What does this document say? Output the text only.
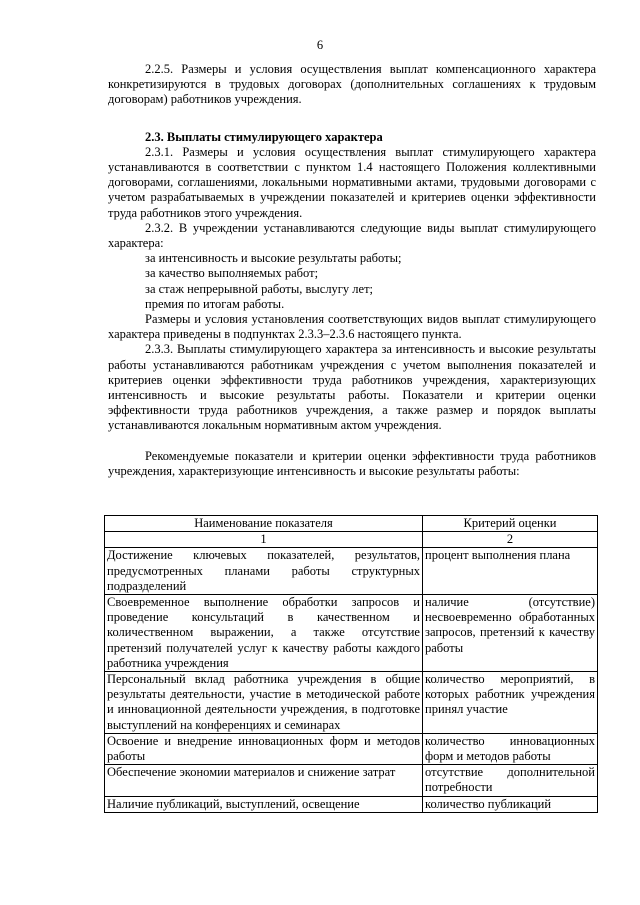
6

2.2.5. Размеры и условия осуществления выплат компенсационного характера конкретизируются в трудовых договорах (дополнительных соглашениях к трудовым договорам) работников учреждения.

2.3. Выплаты стимулирующего характера

2.3.1. Размеры и условия осуществления выплат стимулирующего характера устанавливаются в соответствии с пунктом 1.4 настоящего Положения коллективными договорами, соглашениями, локальными нормативными актами, трудовыми договорами с учетом разрабатываемых в учреждении показателей и критериев оценки эффективности труда работников этого учреждения.

2.3.2. В учреждении устанавливаются следующие виды выплат стимулирующего характера:

за интенсивность и высокие результаты работы;
за качество выполняемых работ;
за стаж непрерывной работы, выслугу лет;
премия по итогам работы.

Размеры и условия установления соответствующих видов выплат стимулирующего характера приведены в подпунктах 2.3.3–2.3.6 настоящего пункта.

2.3.3. Выплаты стимулирующего характера за интенсивность и высокие результаты работы устанавливаются работникам учреждения с учетом выполнения показателей и критериев оценки эффективности труда работников учреждения, характеризующих интенсивность и высокие результаты работы. Показатели и критерии оценки эффективности труда работников учреждения, а также размер и порядок выплаты устанавливаются локальным нормативным актом учреждения.

Рекомендуемые показатели и критерии оценки эффективности труда работников учреждения, характеризующие интенсивность и высокие результаты работы:

Наименование показателя	Критерий оценки
1	2
Достижение ключевых показателей, результатов, предусмотренных планами работы структурных подразделений	процент выполнения плана
Своевременное выполнение обработки запросов и проведение консультаций в качественном и количественном выражении, а также отсутствие претензий получателей услуг к качеству работы каждого работника учреждения	наличие (отсутствие) несвоевременно обработанных запросов, претензий к качеству работы
Персональный вклад работника учреждения в общие результаты деятельности, участие в методической работе и инновационной деятельности учреждения, в подготовке выступлений на конференциях и семинарах	количество мероприятий, в которых работник учреждения принял участие
Освоение и внедрение инновационных форм и методов работы	количество инновационных форм и методов работы
Обеспечение экономии материалов и снижение затрат	отсутствие дополнительной потребности
Наличие публикаций, выступлений, освещение	количество публикаций
